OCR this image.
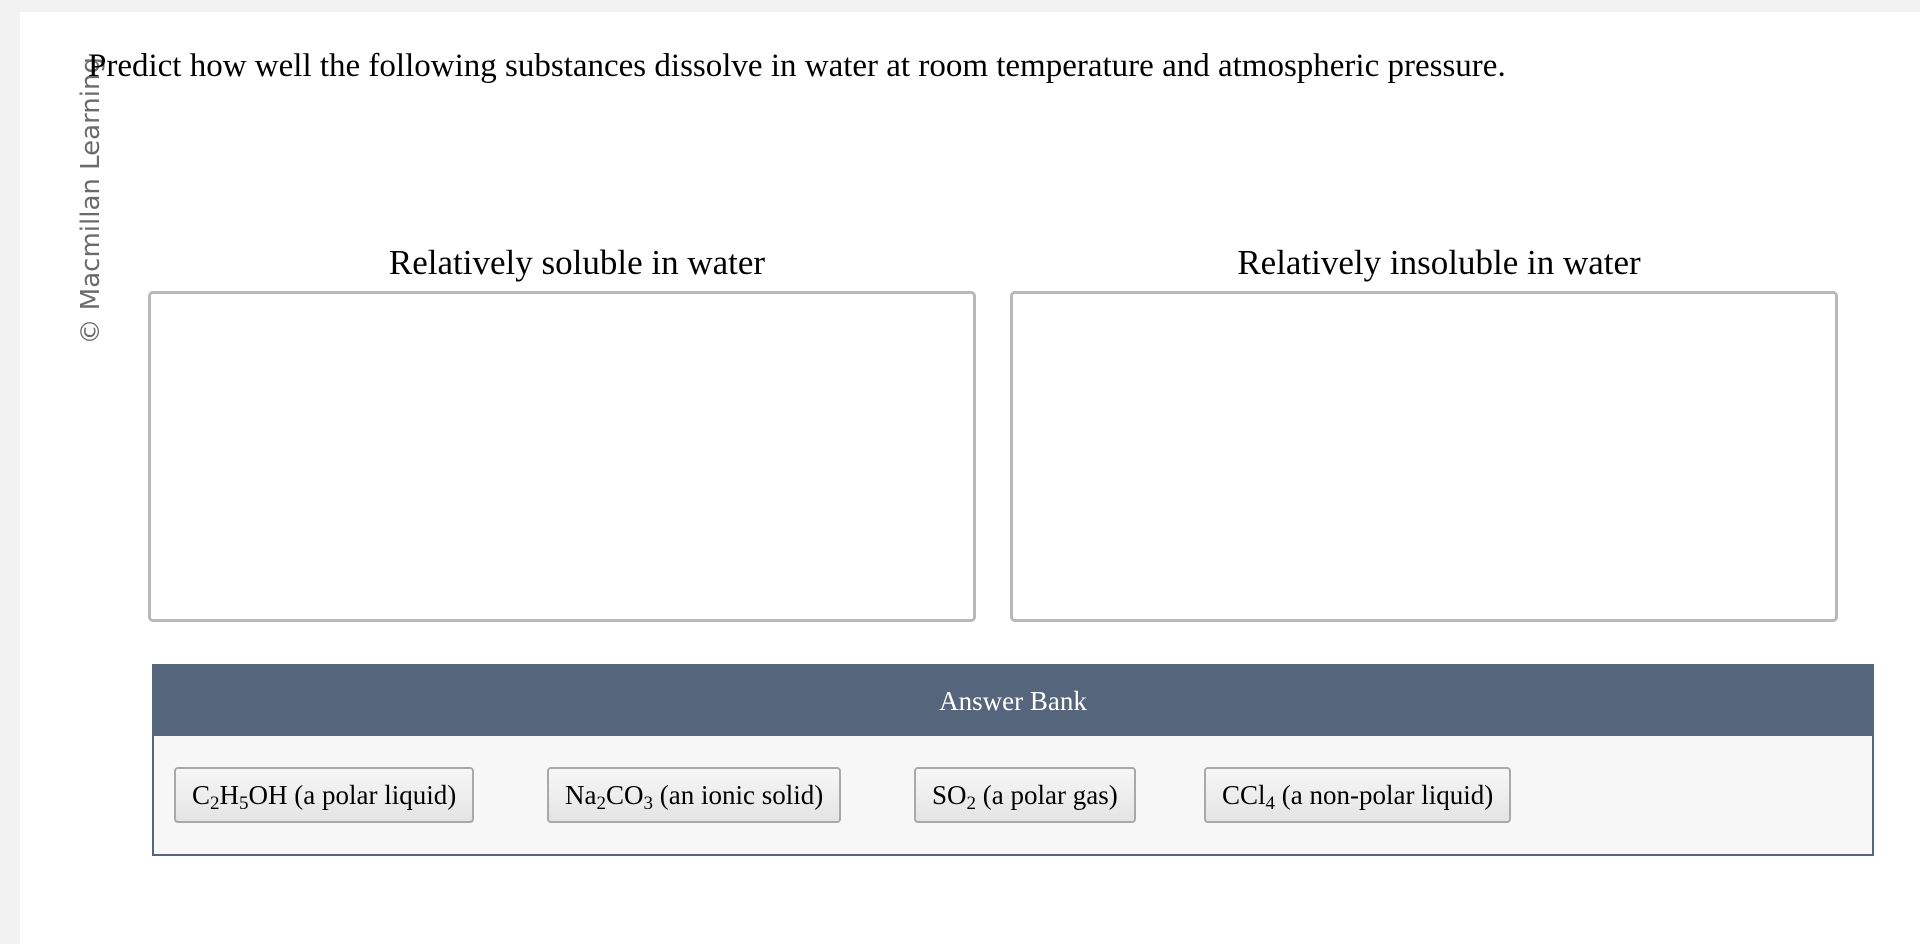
© Macmillan Learning
Predict how well the following substances dissolve in water at room temperature and atmospheric pressure.
Relatively soluble in water	Relatively insoluble in water
Answer Bank
$C_2H_5OH$ (a polar liquid)	$Na_2CO_3$ (an ionic solid)	$SO_2$ (a polar gas)	CCl$_4$ (a non-polar liquid)
